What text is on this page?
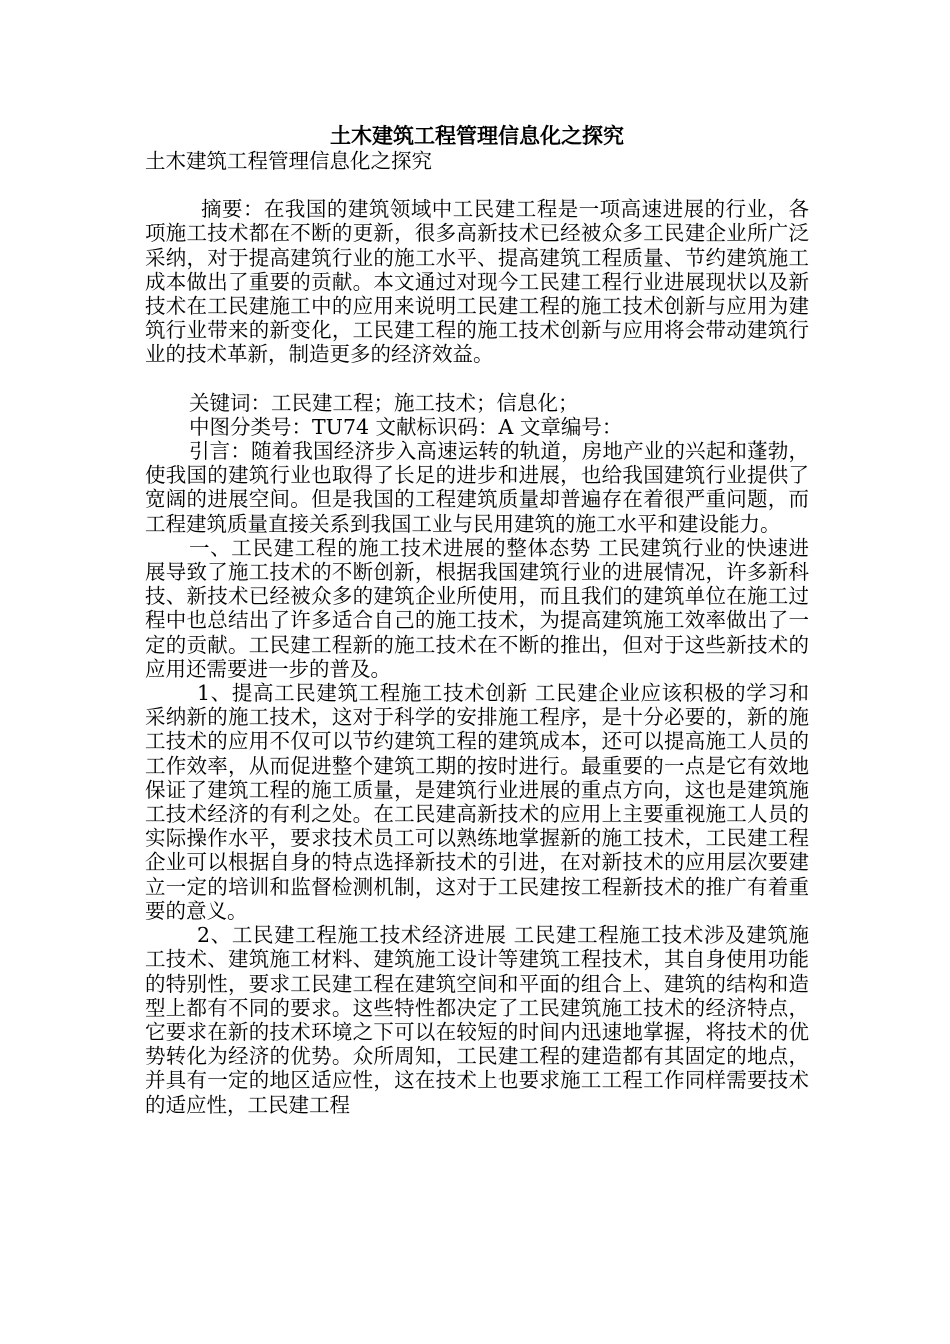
土木建筑工程管理信息化之探究

土木建筑工程管理信息化之探究

摘要：在我国的建筑领域中工民建工程是一项高速进展的行业，各项施工技术都在不断的更新，很多高新技术已经被众多工民建企业所广泛采纳，对于提高建筑行业的施工水平、提高建筑工程质量、节约建筑施工成本做出了重要的贡献。本文通过对现今工民建工程行业进展现状以及新技术在工民建施工中的应用来说明工民建工程的施工技术创新与应用为建筑行业带来的新变化，工民建工程的施工技术创新与应用将会带动建筑行业的技术革新，制造更多的经济效益。

关键词：工民建工程；施工技术；信息化；

中图分类号：TU74 文献标识码：A 文章编号：

引言：随着我国经济步入高速运转的轨道，房地产业的兴起和蓬勃，使我国的建筑行业也取得了长足的进步和进展，也给我国建筑行业提供了宽阔的进展空间。但是我国的工程建筑质量却普遍存在着很严重问题，而工程建筑质量直接关系到我国工业与民用建筑的施工水平和建设能力。

一、工民建工程的施工技术进展的整体态势 工民建筑行业的快速进展导致了施工技术的不断创新，根据我国建筑行业的进展情况，许多新科技、新技术已经被众多的建筑企业所使用，而且我们的建筑单位在施工过程中也总结出了许多适合自己的施工技术，为提高建筑施工效率做出了一定的贡献。工民建工程新的施工技术在不断的推出，但对于这些新技术的应用还需要进一步的普及。

1、提高工民建筑工程施工技术创新 工民建企业应该积极的学习和采纳新的施工技术，这对于科学的安排施工程序，是十分必要的，新的施工技术的应用不仅可以节约建筑工程的建筑成本，还可以提高施工人员的工作效率，从而促进整个建筑工期的按时进行。最重要的一点是它有效地保证了建筑工程的施工质量，是建筑行业进展的重点方向，这也是建筑施工技术经济的有利之处。在工民建高新技术的应用上主要重视施工人员的实际操作水平，要求技术员工可以熟练地掌握新的施工技术，工民建工程企业可以根据自身的特点选择新技术的引进，在对新技术的应用层次要建立一定的培训和监督检测机制，这对于工民建按工程新技术的推广有着重要的意义。

2、工民建工程施工技术经济进展 工民建工程施工技术涉及建筑施工技术、建筑施工材料、建筑施工设计等建筑工程技术，其自身使用功能的特别性，要求工民建工程在建筑空间和平面的组合上、建筑的结构和造型上都有不同的要求。这些特性都决定了工民建筑施工技术的经济特点，它要求在新的技术环境之下可以在较短的时间内迅速地掌握，将技术的优势转化为经济的优势。众所周知，工民建工程的建造都有其固定的地点，并具有一定的地区适应性，这在技术上也要求施工工程工作同样需要技术的适应性，工民建工程
